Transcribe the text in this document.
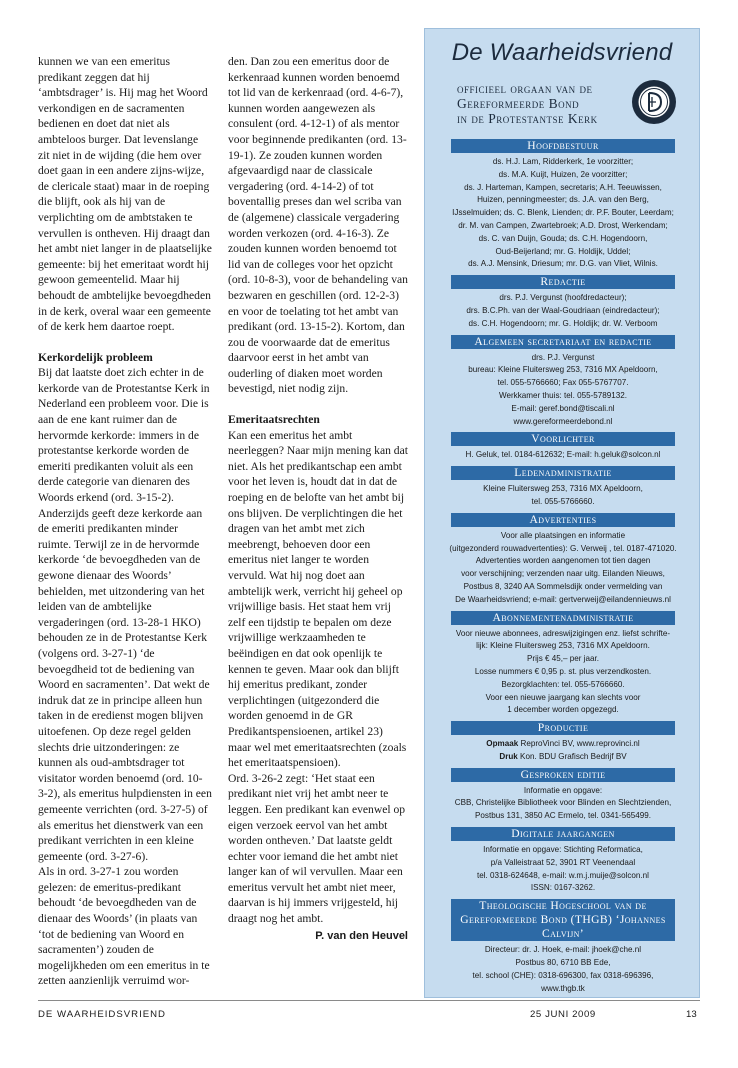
kunnen we van een emeritus predikant zeggen dat hij ‘ambtsdrager’ is. Hij mag het Woord verkondigen en de sacramenten bedienen en doet dat niet als ambteloos burger. Dat levenslange zit niet in de wijding (die hem over doet gaan in een andere zijns-wijze, de clericale staat) maar in de roeping die blijft, ook als hij van de verplichting om de ambtstaken te vervullen is ontheven. Hij draagt dan het ambt niet langer in de plaatselijke gemeente: bij het emeritaat wordt hij gewoon gemeentelid. Maar hij behoudt de ambtelijke bevoegdheden in de kerk, overal waar een gemeente of de kerk hem daartoe roept.

Kerkordelijk probleem

Bij dat laatste doet zich echter in de kerkorde van de Protestantse Kerk in Nederland een probleem voor. Die is aan de ene kant ruimer dan de hervormde kerkorde: immers in de protestantse kerkorde worden de emeriti predikanten voluit als een derde categorie van dienaren des Woords erkend (ord. 3-15-2). Anderzijds geeft deze kerkorde aan de emeriti predikanten minder ruimte. Terwijl ze in de hervormde kerkorde ‘de bevoegdheden van de gewone dienaar des Woords’ behielden, met uitzondering van het leiden van de ambtelijke vergaderingen (ord. 13-28-1 HKO) behouden ze in de Protestantse Kerk (volgens ord. 3-27-1) ‘de bevoegdheid tot de bediening van Woord en sacramenten’. Dat wekt de indruk dat ze in principe alleen hun taken in de eredienst mogen blijven uitoefenen. Op deze regel gelden slechts drie uitzonderingen: ze kunnen als oud-ambtsdrager tot visitator worden benoemd (ord. 10-3-2), als emeritus hulpdiensten in een gemeente verrichten (ord. 3-27-5) of als emeritus het dienstwerk van een predikant verrichten in een kleine gemeente (ord. 3-27-6).

Als in ord. 3-27-1 zou worden gelezen: de emeritus-predikant behoudt ‘de bevoegdheden van de dienaar des Woords’ (in plaats van ‘tot de bediening van Woord en sacramenten’) zouden de mogelijkheden om een emeritus in te zetten aanzienlijk verruimd wor-

den. Dan zou een emeritus door de kerkenraad kunnen worden benoemd tot lid van de kerkenraad (ord. 4-6-7), kunnen worden aangewezen als consulent (ord. 4-12-1) of als mentor voor beginnende predikanten (ord. 13-19-1). Ze zouden kunnen worden afgevaardigd naar de classicale vergadering (ord. 4-14-2) of tot boventallig preses dan wel scriba van de (algemene) classicale vergadering worden verkozen (ord. 4-16-3). Ze zouden kunnen worden benoemd tot lid van de colleges voor het opzicht (ord. 10-8-3), voor de behandeling van bezwaren en geschillen (ord. 12-2-3) en voor de toelating tot het ambt van predikant (ord. 13-15-2). Kortom, dan zou de voorwaarde dat de emeritus daarvoor eerst in het ambt van ouderling of diaken moet worden bevestigd, niet nodig zijn.

Emeritaatsrechten

Kan een emeritus het ambt neerleggen? Naar mijn mening kan dat niet. Als het predikantschap een ambt voor het leven is, houdt dat in dat de roeping en de belofte van het ambt bij ons blijven. De verplichtingen die het dragen van het ambt met zich meebrengt, behoeven door een emeritus niet langer te worden vervuld. Wat hij nog doet aan ambtelijk werk, verricht hij geheel op vrijwillige basis. Het staat hem vrij zelf een tijdstip te bepalen om deze vrijwillige werkzaamheden te beëindigen en dat ook openlijk te kennen te geven. Maar ook dan blijft hij emeritus predikant, zonder verplichtingen (uitgezonderd die worden genoemd in de GR Predikantspensioenen, artikel 23) maar wel met emeritaatsrechten (zoals het emeritaatspensioen).

Ord. 3-26-2 zegt: ‘Het staat een predikant niet vrij het ambt neer te leggen. Een predikant kan evenwel op eigen verzoek eervol van het ambt worden ontheven.’ Dat laatste geldt echter voor iemand die het ambt niet langer kan of wil vervullen. Maar een emeritus vervult het ambt niet meer, daarvan is hij immers vrijgesteld, hij draagt nog het ambt.

P. van den Heuvel

De Waarheidsvriend
officieel orgaan van de
Gereformeerde Bond
in de Protestantse Kerk
Hoofdbestuur
ds. H.J. Lam, Ridderkerk, 1e voorzitter;
ds. M.A. Kuijt, Huizen, 2e voorzitter;
ds. J. Harteman, Kampen, secretaris; A.H. Teeuwissen,
Huizen, penningmeester; ds. J.A. van den Berg,
IJsselmuiden; ds. C. Blenk, Lienden; dr. P.F. Bouter, Leerdam;
dr. M. van Campen, Zwartebroek; A.D. Drost, Werkendam;
ds. C. van Duijn, Gouda; ds. C.H. Hogendoorn,
Oud-Beijerland; mr. G. Holdijk, Uddel;
ds. A.J. Mensink, Driesum; mr. D.G. van Vliet, Wilnis.
Redactie
drs. P.J. Vergunst (hoofdredacteur);
drs. B.C.Ph. van der Waal-Goudriaan (eindredacteur);
ds. C.H. Hogendoorn; mr. G. Holdijk; dr. W. Verboom
Algemeen secretariaat en redactie
drs. P.J. Vergunst
bureau: Kleine Fluitersweg 253, 7316 MX Apeldoorn,
tel. 055-5766660; Fax 055-5767707.
Werkkamer thuis: tel. 055-5789132.
E-mail: geref.bond@tiscali.nl
www.gereformeerdebond.nl
Voorlichter
H. Geluk, tel. 0184-612632; E-mail: h.geluk@solcon.nl
Ledenadministratie
Kleine Fluitersweg 253, 7316 MX Apeldoorn,
tel. 055-5766660.
Advertenties
Voor alle plaatsingen en informatie
(uitgezonderd rouwadvertenties): G. Verweij , tel. 0187-471020.
Advertenties worden aangenomen tot tien dagen
voor verschijning; verzenden naar uitg. Eilanden Nieuws,
Postbus 8, 3240 AA Sommelsdijk onder vermelding van
De Waarheidsvriend; e-mail: gertverweij@eilandennieuws.nl
Abonnementenadministratie
Voor nieuwe abonnees, adreswijzigingen enz. liefst schrifte-
lijk: Kleine Fluitersweg 253, 7316 MX Apeldoorn.
Prijs € 45,– per jaar.
Losse nummers € 0,95 p. st. plus verzendkosten.
Bezorgklachten: tel. 055-5766660.
Voor een nieuwe jaargang kan slechts voor
1 december worden opgezegd.
Productie
Opmaak ReproVinci BV, www.reprovinci.nl
Druk Kon. BDU Grafisch Bedrijf BV
Gesproken editie
Informatie en opgave:
CBB, Christelijke Bibliotheek voor Blinden en Slechtzienden,
Postbus 131, 3850 AC Ermelo, tel. 0341-565499.
Digitale jaargangen
Informatie en opgave: Stichting Reformatica,
p/a Valleistraat 52, 3901 RT Veenendaal
tel. 0318-624648, e-mail: w.m.j.muije@solcon.nl
ISSN: 0167-3262.
Theologische Hogeschool van de Gereformeerde Bond (THGB) ‘Johannes Calvijn’
Directeur: dr. J. Hoek, e-mail: jhoek@che.nl
Postbus 80, 6710 BB Ede,
tel. school (CHE): 0318-696300, fax 0318-696396,
www.thgb.tk
DE WAARHEIDSVRIEND	25 JUNI 2009	13
